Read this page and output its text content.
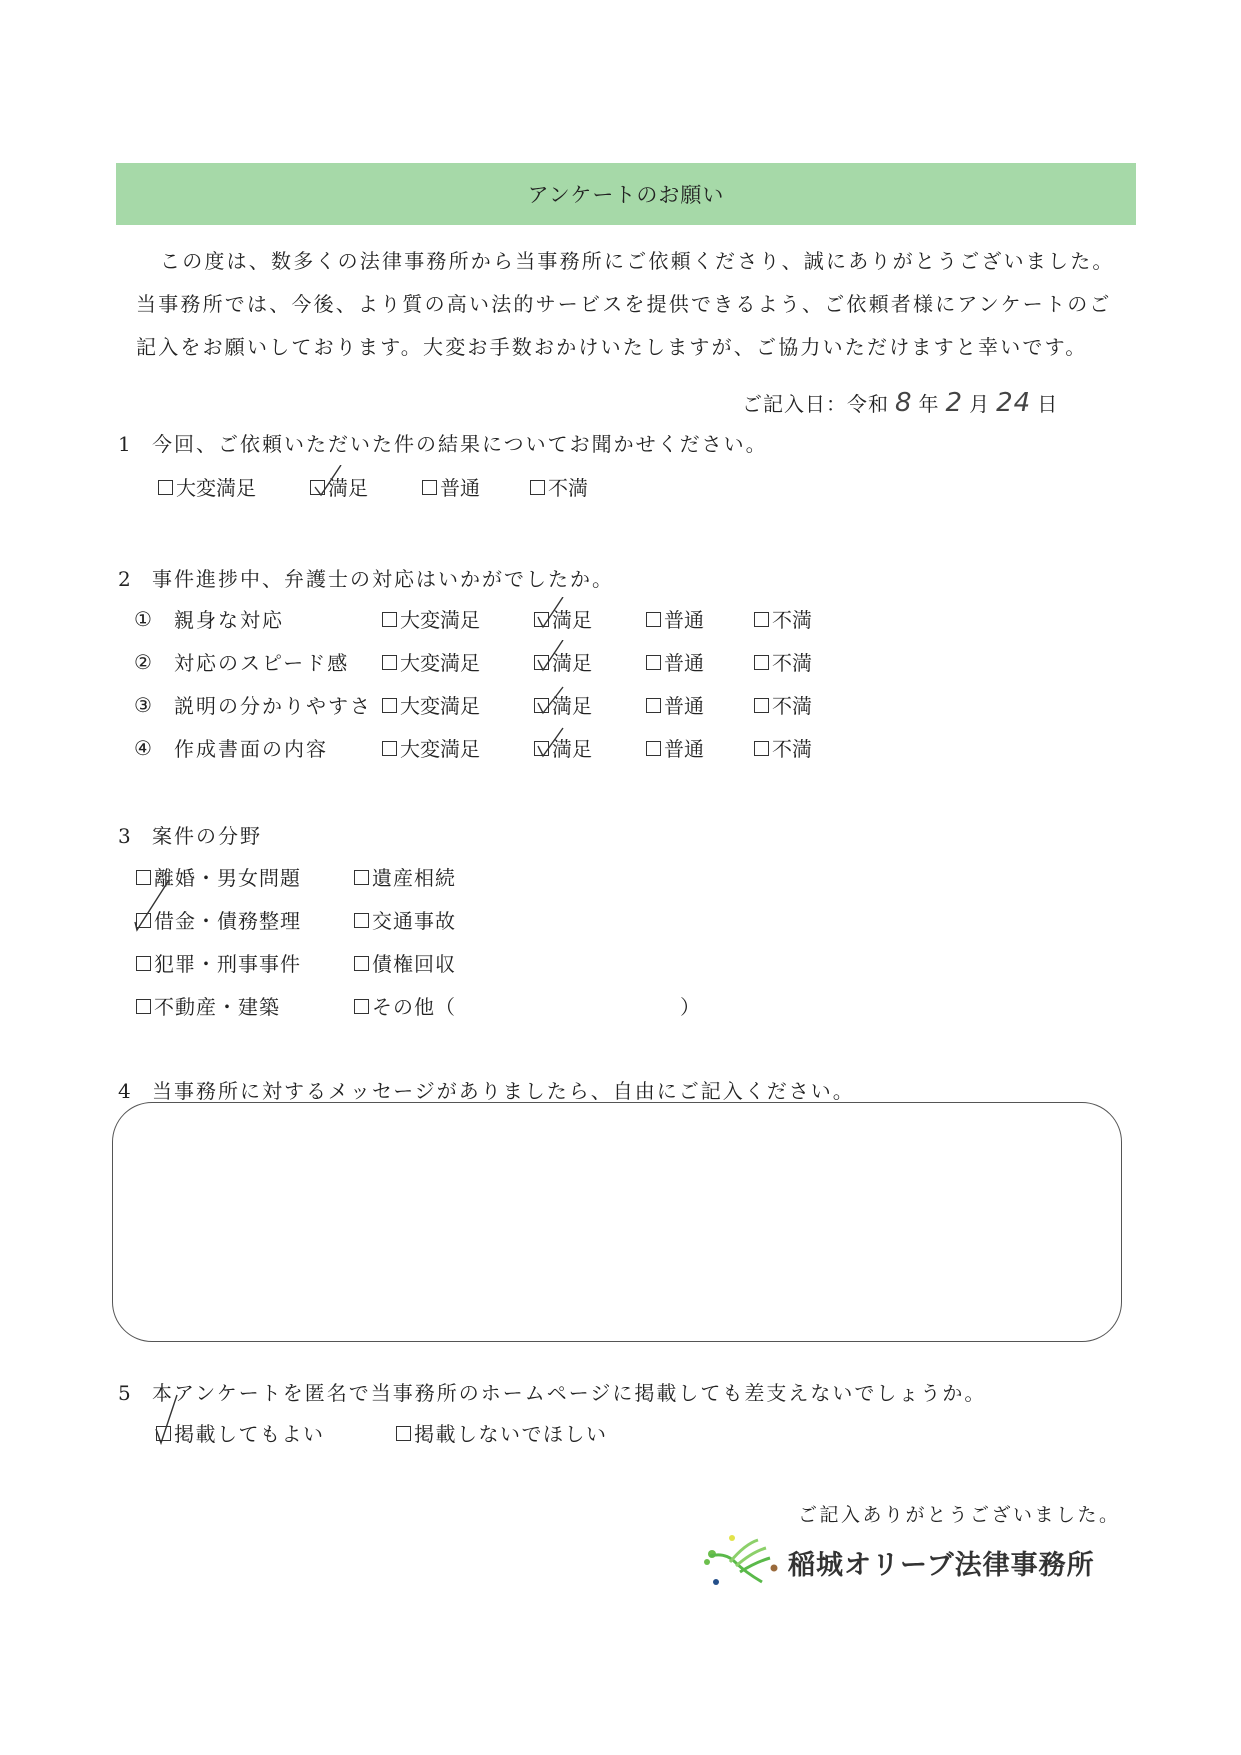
アンケートのお願い

この度は、数多くの法律事務所から当事務所にご依頼くださり、誠にありがとうございました。

当事務所では、今後、より質の高い法的サービスを提供できるよう、ご依頼者様にアンケートのご

記入をお願いしております。大変お手数おかけいたしますが、ご協力いただけますと幸いです。

ご記入日：令和 8 年 2 月 24 日
1 今回、ご依頼いただいた件の結果についてお聞かせください。
大変満足	満足	普通	不満
2 事件進捗中、弁護士の対応はいかがでしたか。
①	親身な対応	大変満足	満足	普通	不満
②	対応のスピード感	大変満足	満足	普通	不満
③	説明の分かりやすさ	大変満足	満足	普通	不満
④	作成書面の内容	大変満足	満足	普通	不満
3 案件の分野
離婚・男女問題	遺産相続
借金・債務整理	交通事故
犯罪・刑事事件	債権回収
不動産・建築	その他（	）
4 当事務所に対するメッセージがありましたら、自由にご記入ください。
5 本アンケートを匿名で当事務所のホームページに掲載しても差支えないでしょうか。
掲載してもよい	掲載しないでほしい
ご記入ありがとうございました。
稲城オリーブ法律事務所
